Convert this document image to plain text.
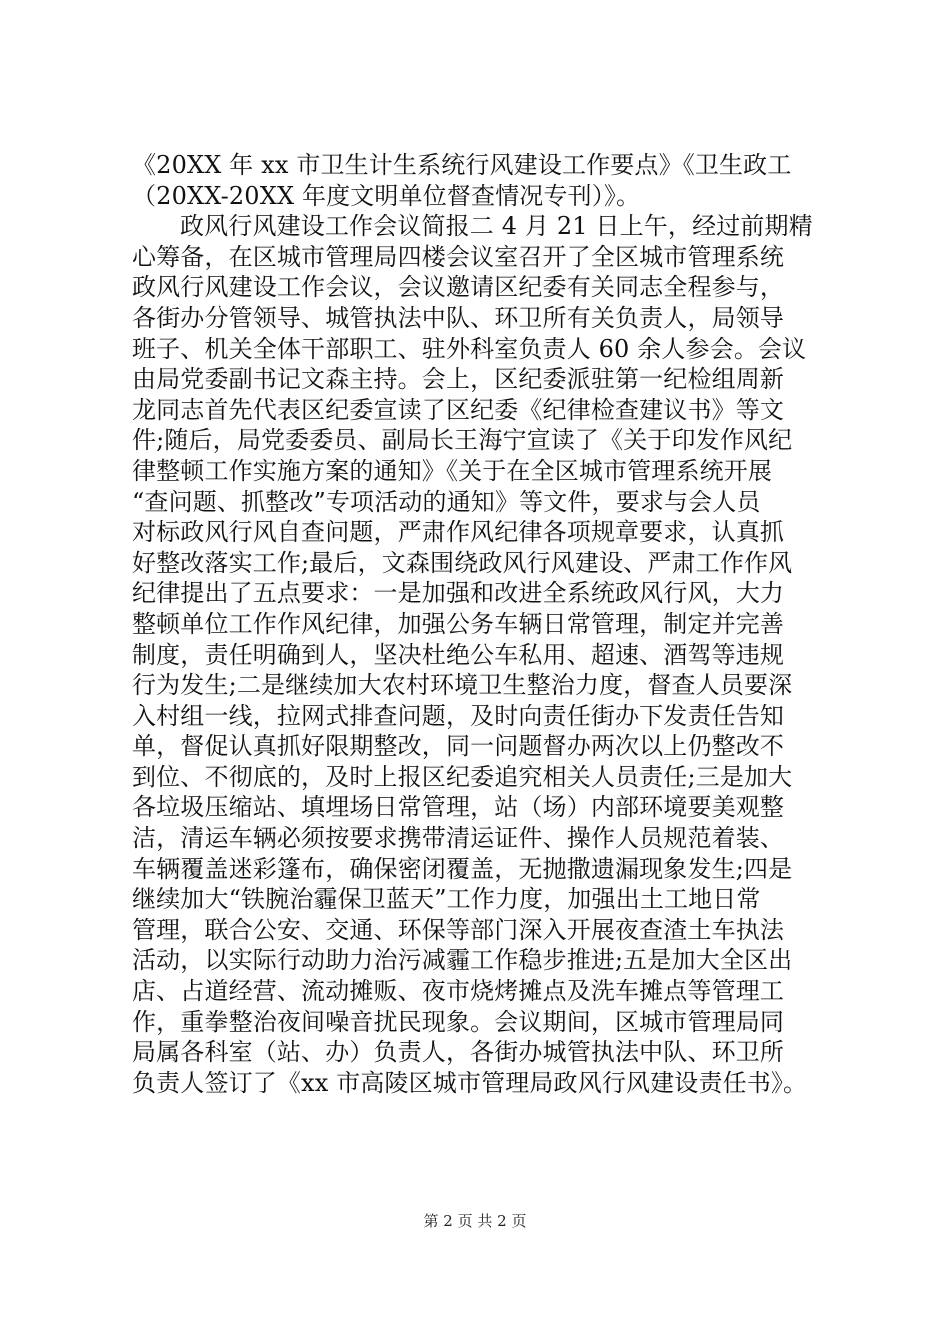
《20XX 年 xx 市卫生计生系统行风建设工作要点》《卫生政工
（20XX-20XX 年度文明单位督查情况专刊）》。
政风行风建设工作会议简报二 4 月 21 日上午，经过前期精
心筹备，在区城市管理局四楼会议室召开了全区城市管理系统
政风行风建设工作会议，会议邀请区纪委有关同志全程参与，
各街办分管领导、城管执法中队、环卫所有关负责人，局领导
班子、机关全体干部职工、驻外科室负责人 60 余人参会。会议
由局党委副书记文森主持。会上，区纪委派驻第一纪检组周新
龙同志首先代表区纪委宣读了区纪委《纪律检查建议书》等文
件;随后，局党委委员、副局长王海宁宣读了《关于印发作风纪
律整顿工作实施方案的通知》《关于在全区城市管理系统开展
“查问题、抓整改”专项活动的通知》等文件，要求与会人员
对标政风行风自查问题，严肃作风纪律各项规章要求，认真抓
好整改落实工作;最后，文森围绕政风行风建设、严肃工作作风
纪律提出了五点要求：一是加强和改进全系统政风行风，大力
整顿单位工作作风纪律，加强公务车辆日常管理，制定并完善
制度，责任明确到人，坚决杜绝公车私用、超速、酒驾等违规
行为发生;二是继续加大农村环境卫生整治力度，督查人员要深
入村组一线，拉网式排查问题，及时向责任街办下发责任告知
单，督促认真抓好限期整改，同一问题督办两次以上仍整改不
到位、不彻底的，及时上报区纪委追究相关人员责任;三是加大
各垃圾压缩站、填埋场日常管理，站（场）内部环境要美观整
洁，清运车辆必须按要求携带清运证件、操作人员规范着装、
车辆覆盖迷彩篷布，确保密闭覆盖，无抛撒遗漏现象发生;四是
继续加大“铁腕治霾保卫蓝天”工作力度，加强出土工地日常
管理，联合公安、交通、环保等部门深入开展夜查渣土车执法
活动，以实际行动助力治污减霾工作稳步推进;五是加大全区出
店、占道经营、流动摊贩、夜市烧烤摊点及洗车摊点等管理工
作，重拳整治夜间噪音扰民现象。会议期间，区城市管理局同
局属各科室（站、办）负责人，各街办城管执法中队、环卫所
负责人签订了《xx 市高陵区城市管理局政风行风建设责任书》。
第 2 页 共 2 页
